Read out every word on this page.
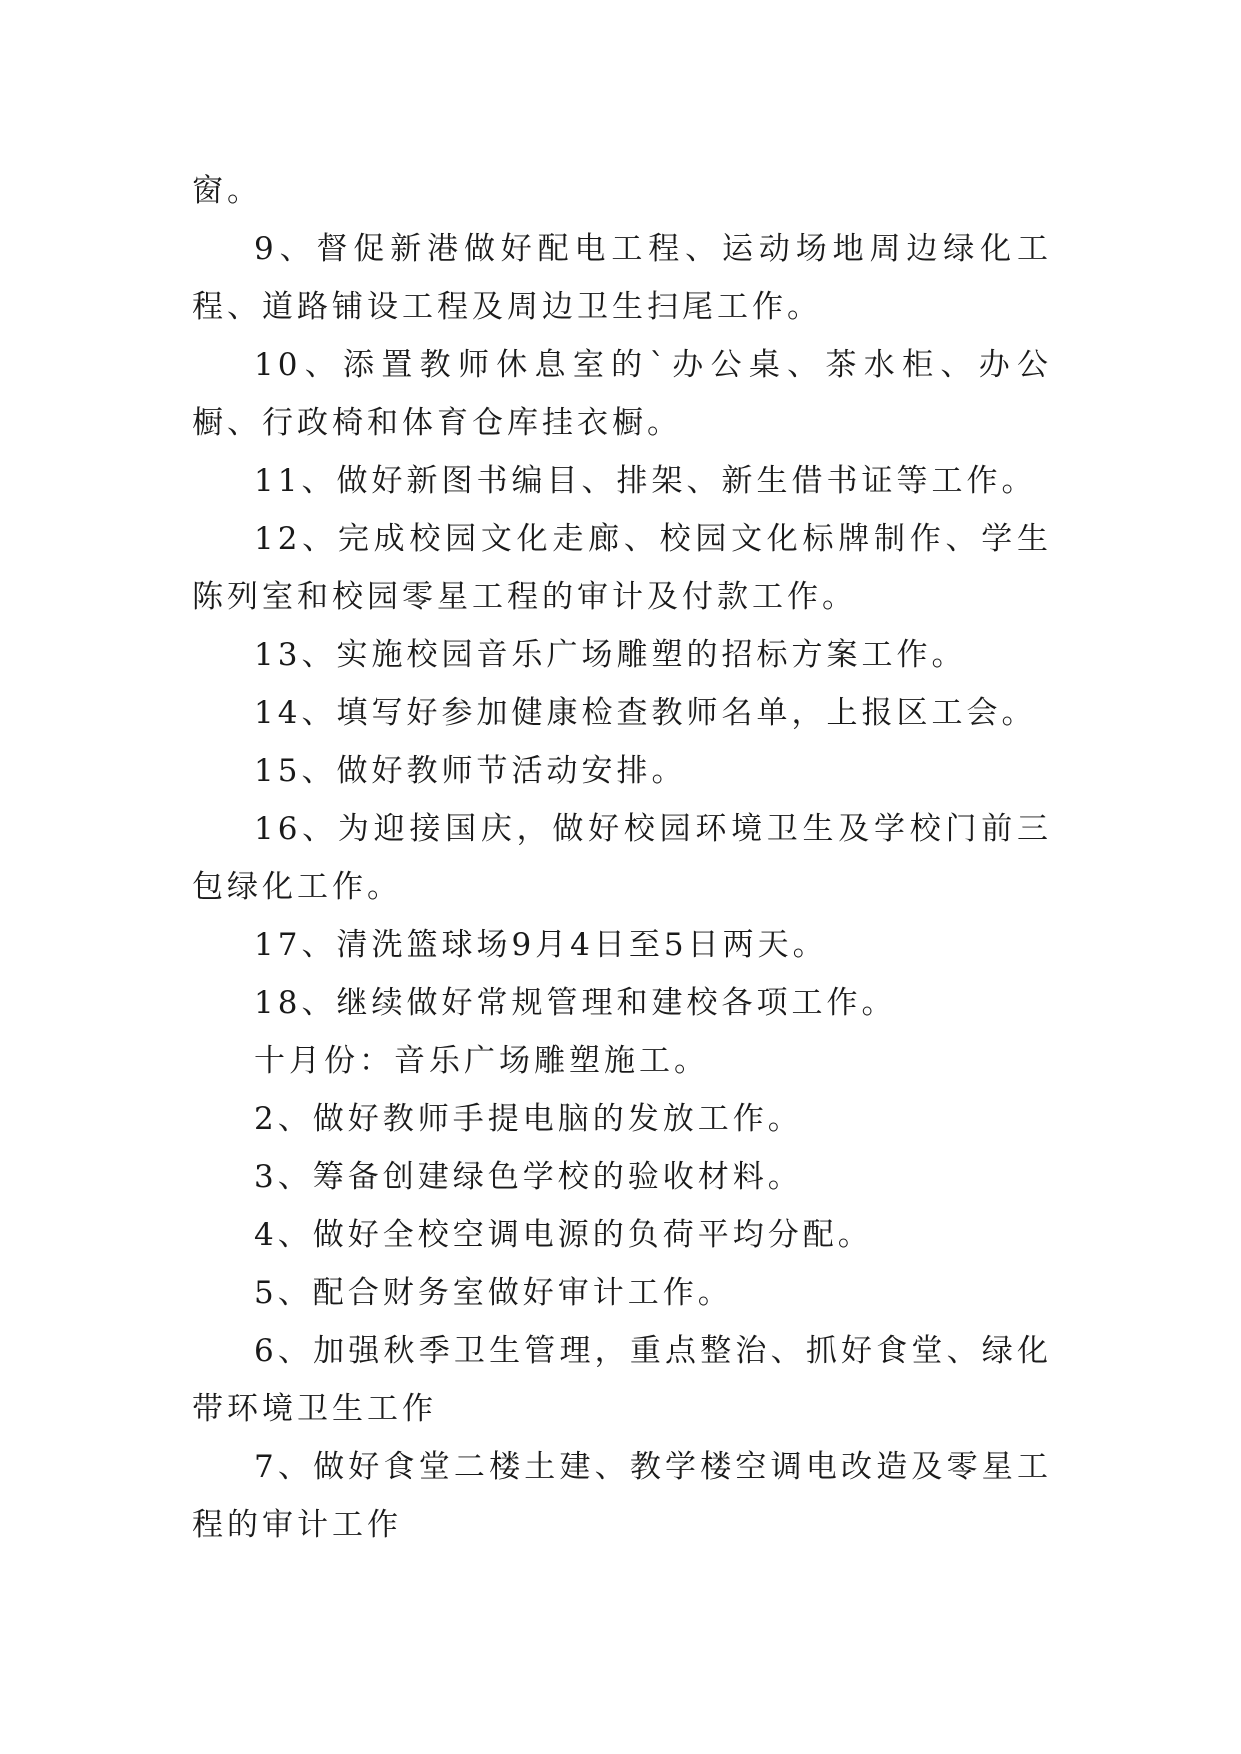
窗。

9、督促新港做好配电工程、运动场地周边绿化工程、道路铺设工程及周边卫生扫尾工作。

10、添置教师休息室的`办公桌、茶水柜、办公橱、行政椅和体育仓库挂衣橱。

11、做好新图书编目、排架、新生借书证等工作。

12、完成校园文化走廊、校园文化标牌制作、学生陈列室和校园零星工程的审计及付款工作。

13、实施校园音乐广场雕塑的招标方案工作。

14、填写好参加健康检查教师名单，上报区工会。

15、做好教师节活动安排。

16、为迎接国庆，做好校园环境卫生及学校门前三包绿化工作。

17、清洗篮球场9月4日至5日两天。

18、继续做好常规管理和建校各项工作。

十月份：音乐广场雕塑施工。

2、做好教师手提电脑的发放工作。

3、筹备创建绿色学校的验收材料。

4、做好全校空调电源的负荷平均分配。

5、配合财务室做好审计工作。

6、加强秋季卫生管理，重点整治、抓好食堂、绿化带环境卫生工作

7、做好食堂二楼土建、教学楼空调电改造及零星工程的审计工作
